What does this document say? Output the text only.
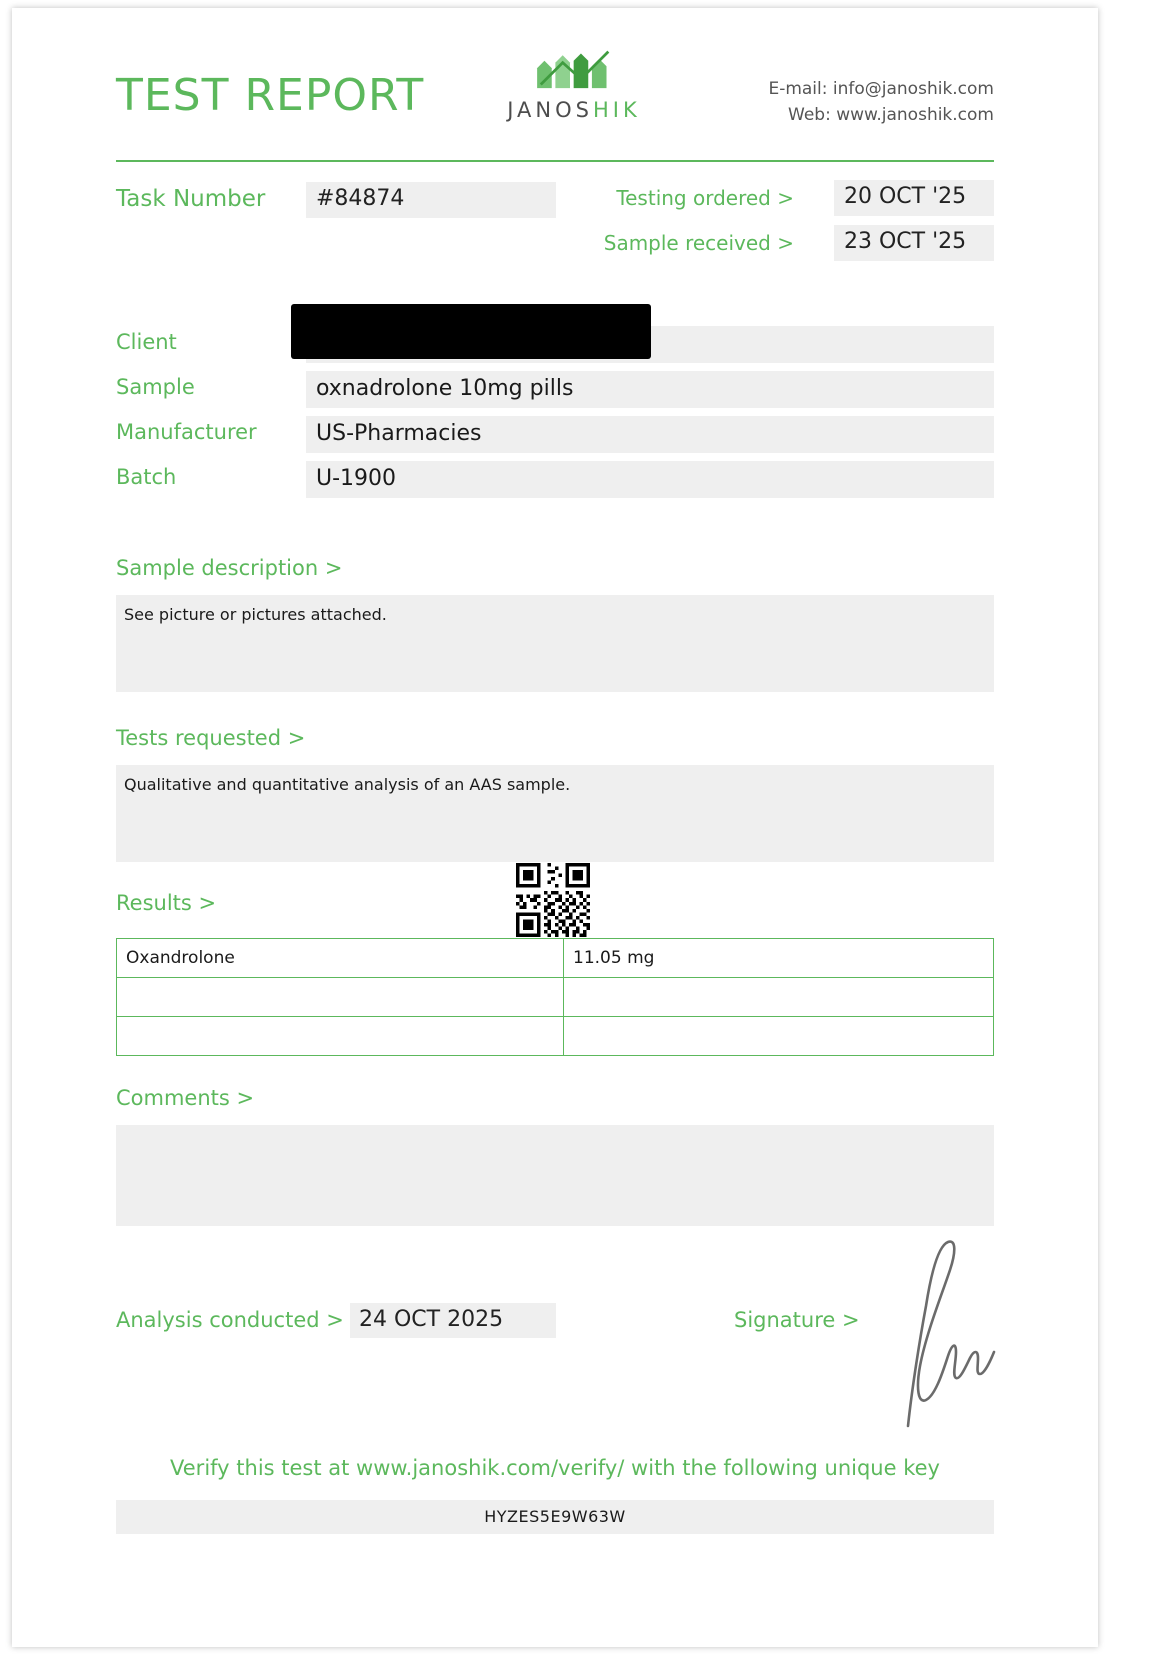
TEST REPORT	JANOSHIK
E-mail: info@janoshik.com
Web: www.janoshik.com
Task Number	#84874	Testing ordered >	20 OCT '25
Sample received >	23 OCT '25
Client
Sample	oxnadrolone 10mg pills
Manufacturer	US-Pharmacies
Batch	U-1900
Sample description >
See picture or pictures attached.
Tests requested >
Qualitative and quantitative analysis of an AAS sample.
Results >
Oxandrolone	11.05 mg

Comments >
Analysis conducted > 24 OCT 2025	Signature >
Verify this test at www.janoshik.com/verify/ with the following unique key
HYZES5E9W63W
